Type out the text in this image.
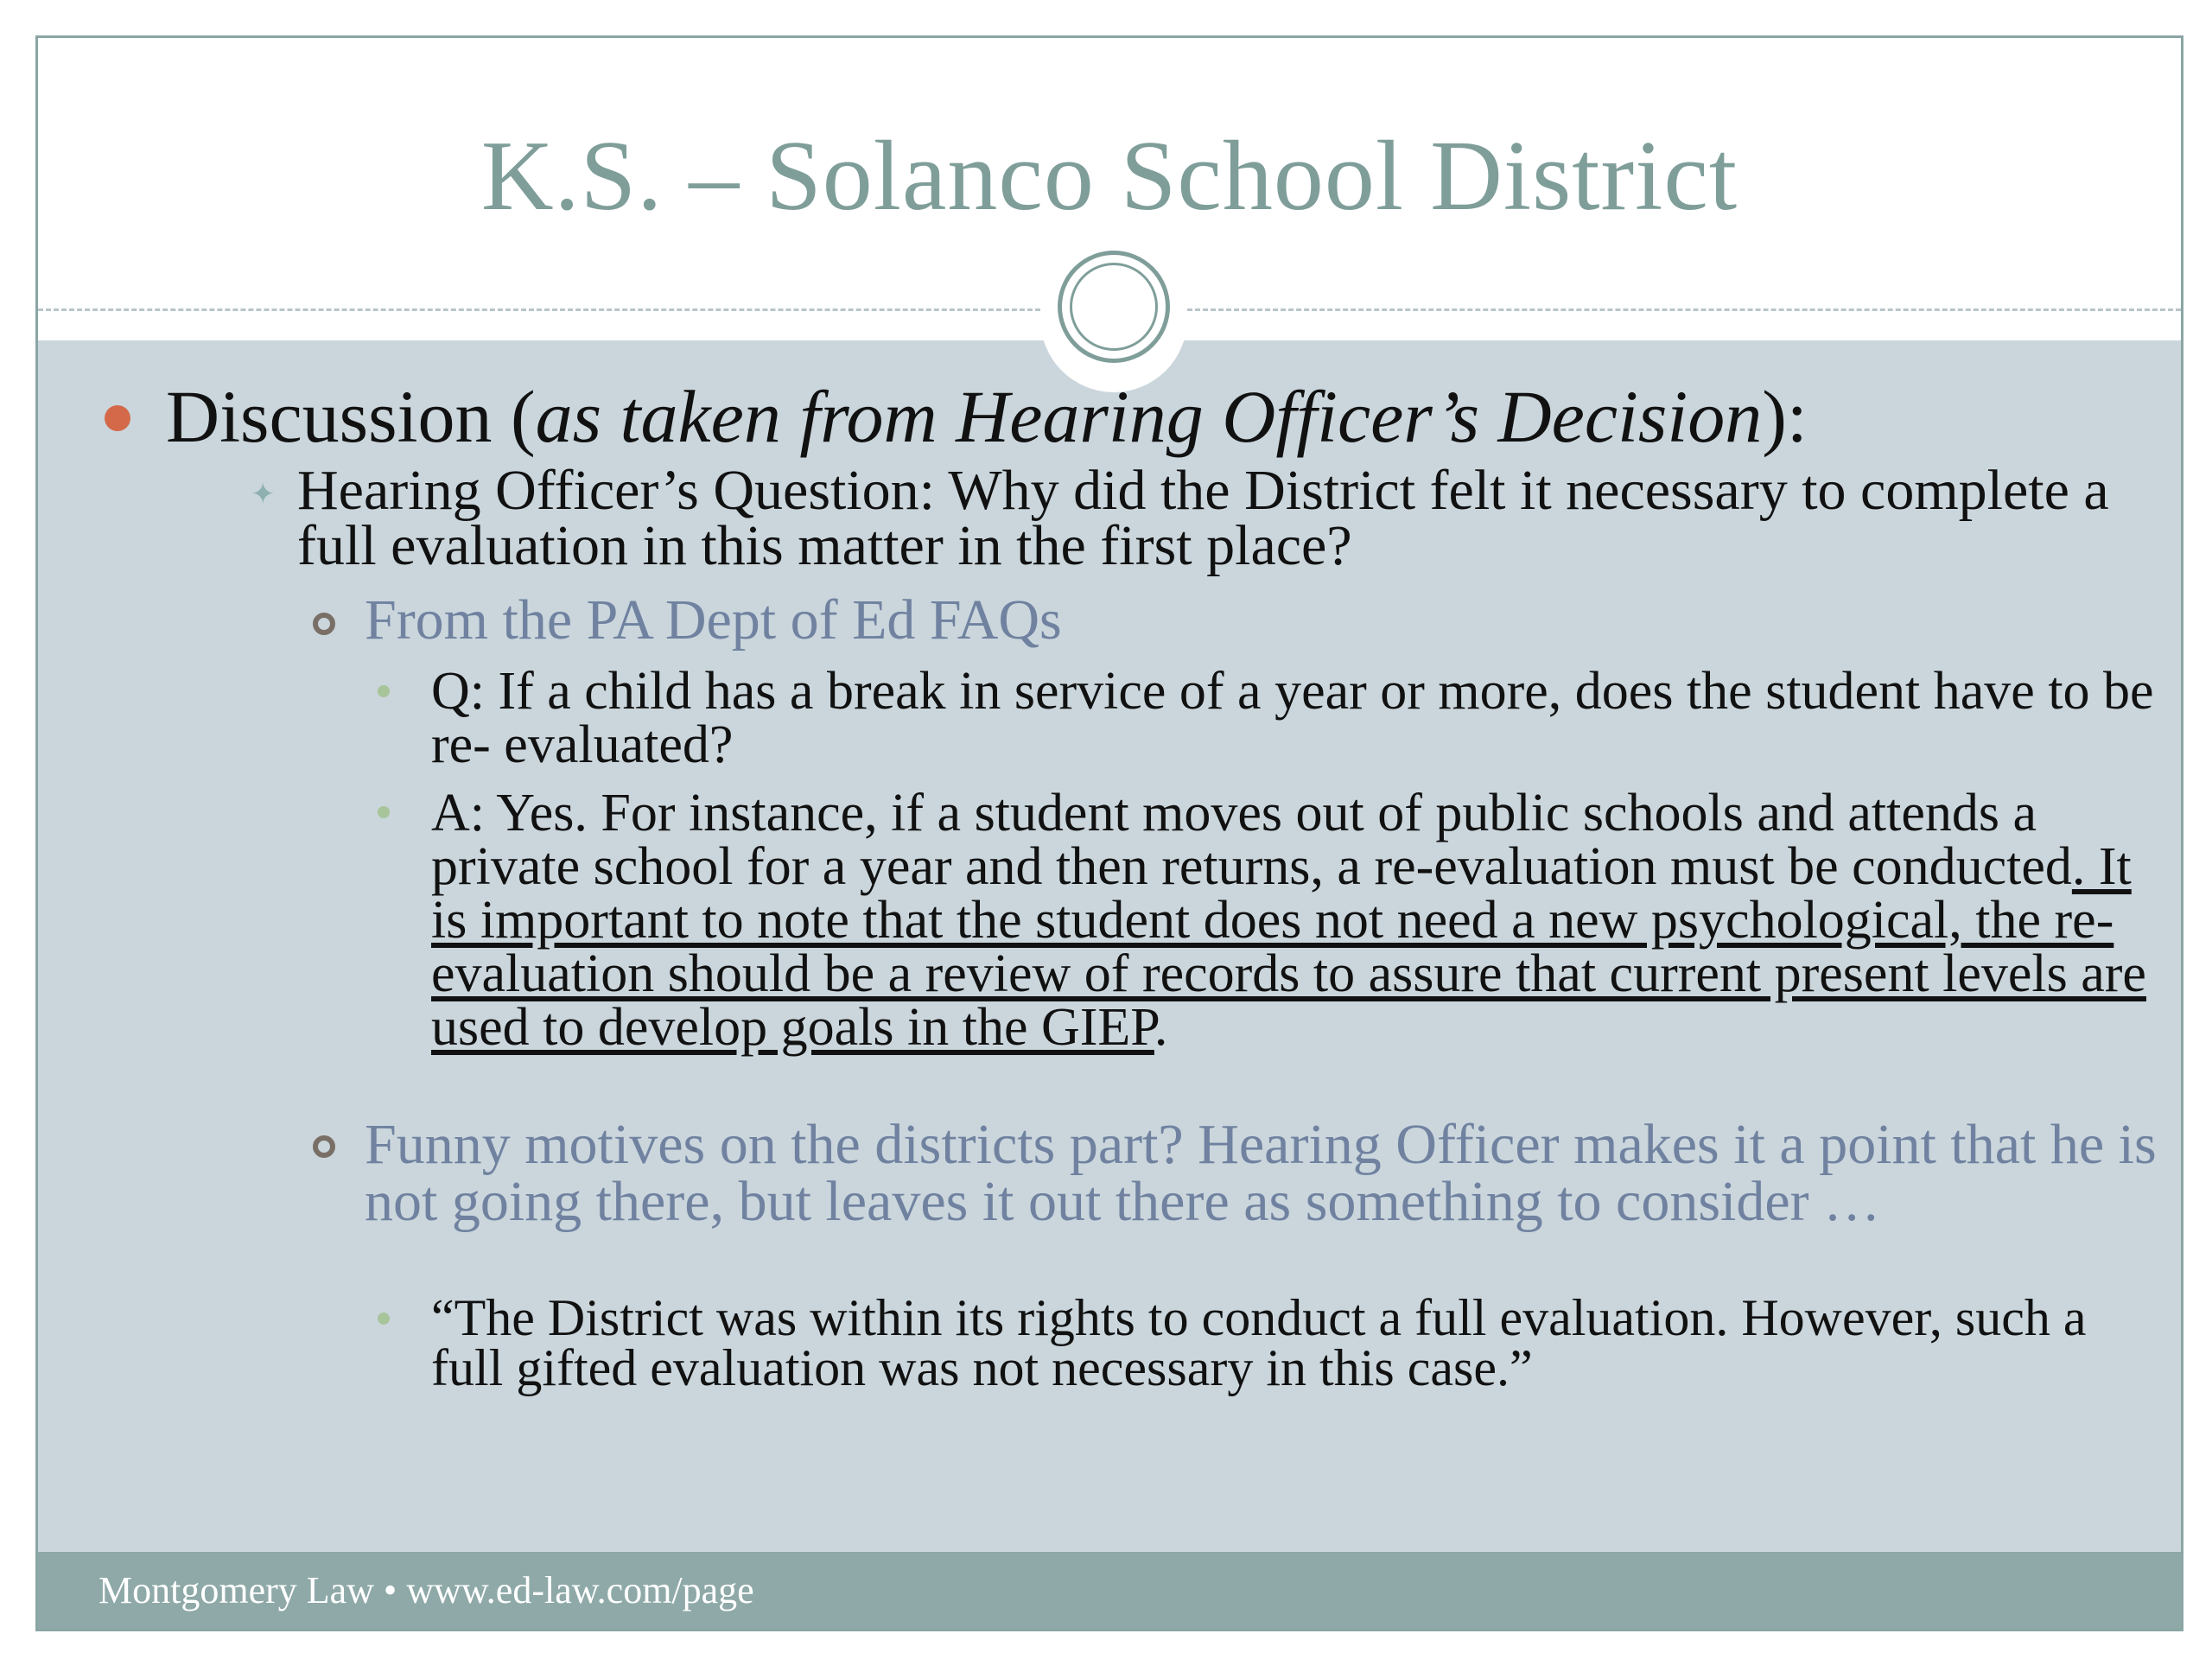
K.S. – Solanco School District
Discussion (as taken from Hearing Officer’s Decision):
✦ Hearing Officer’s Question: Why did the District felt it necessary to complete a full evaluation in this matter in the first place?
From the PA Dept of Ed FAQs
Q: If a child has a break in service of a year or more, does the student have to be re- evaluated?
A: Yes. For instance, if a student moves out of public schools and attends a private school for a year and then returns, a re-evaluation must be conducted. It is important to note that the student does not need a new psychological, the re-evaluation should be a review of records to assure that current present levels are used to develop goals in the GIEP.
Funny motives on the districts part? Hearing Officer makes it a point that he is not going there, but leaves it out there as something to consider …
“The District was within its rights to conduct a full evaluation. However, such a full gifted evaluation was not necessary in this case.”
Montgomery Law • www.ed-law.com/page
